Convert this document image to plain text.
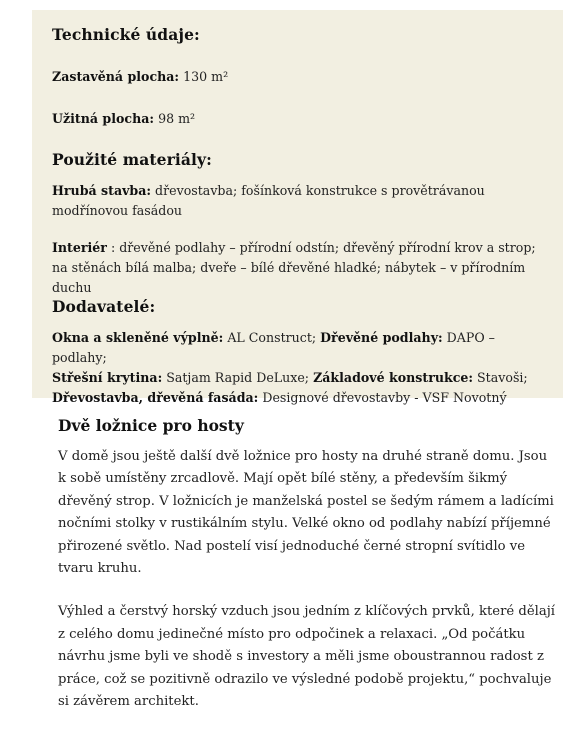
Technické údaje:

Zastavěná plocha: 130 m²

Užitná plocha: 98 m²

Použité materiály:

Hrubá stavba: dřevostavba; fošínková konstrukce s provětrávanou modřínovou fasádou

Interiér : dřevěné podlahy – přírodní odstín; dřevěný přírodní krov a strop; na stěnách bílá malba; dveře – bílé dřevěné hladké; nábytek – v přírodním duchu

Dodavatelé:

Okna a skleněné výplně: AL Construct; Dřevěné podlahy: DAPO – podlahy;
Střešní krytina: Satjam Rapid DeLuxe; Základové konstrukce: Stavoši;
Dřevostavba, dřevěná fasáda: Designové dřevostavby - VSF Novotný

Dvě ložnice pro hosty

V domě jsou ještě další dvě ložnice pro hosty na druhé straně domu. Jsou k sobě umístěny zrcadlově. Mají opět bílé stěny, a především šikmý dřevěný strop. V ložnicích je manželská postel se šedým rámem a ladícími nočními stolky v rustikálním stylu. Velké okno od podlahy nabízí příjemné přirozené světlo. Nad postelí visí jednoduché černé stropní svítidlo ve tvaru kruhu.

Výhled a čerstvý horský vzduch jsou jedním z klíčových prvků, které dělají z celého domu jedinečné místo pro odpočinek a relaxaci. „Od počátku návrhu jsme byli ve shodě s investory a měli jsme oboustrannou radost z práce, což se pozitivně odrazilo ve výsledné podobě projektu,“ pochvaluje si závěrem architekt.
